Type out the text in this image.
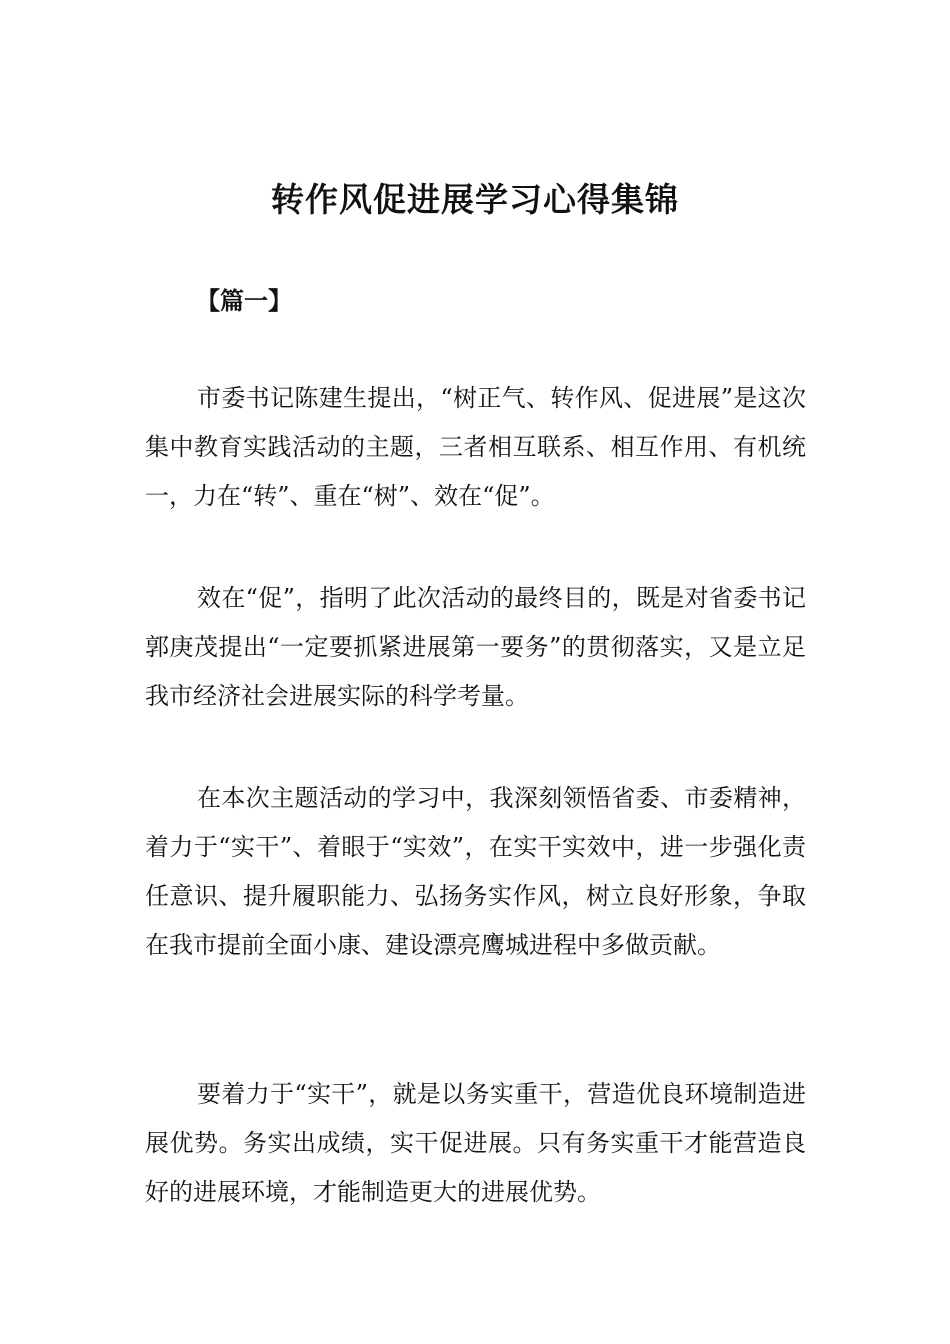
转作风促进展学习心得集锦
【篇一】

市委书记陈建生提出，“树正气、转作风、促进展”是这次集中教育实践活动的主题，三者相互联系、相互作用、有机统一，力在“转”、重在“树”、效在“促”。

效在“促”，指明了此次活动的最终目的，既是对省委书记郭庚茂提出“一定要抓紧进展第一要务”的贯彻落实，又是立足我市经济社会进展实际的科学考量。

在本次主题活动的学习中，我深刻领悟省委、市委精神，着力于“实干”、着眼于“实效”，在实干实效中，进一步强化责任意识、提升履职能力、弘扬务实作风，树立良好形象，争取在我市提前全面小康、建设漂亮鹰城进程中多做贡献。

要着力于“实干”，就是以务实重干，营造优良环境制造进展优势。务实出成绩，实干促进展。只有务实重干才能营造良好的进展环境，才能制造更大的进展优势。
